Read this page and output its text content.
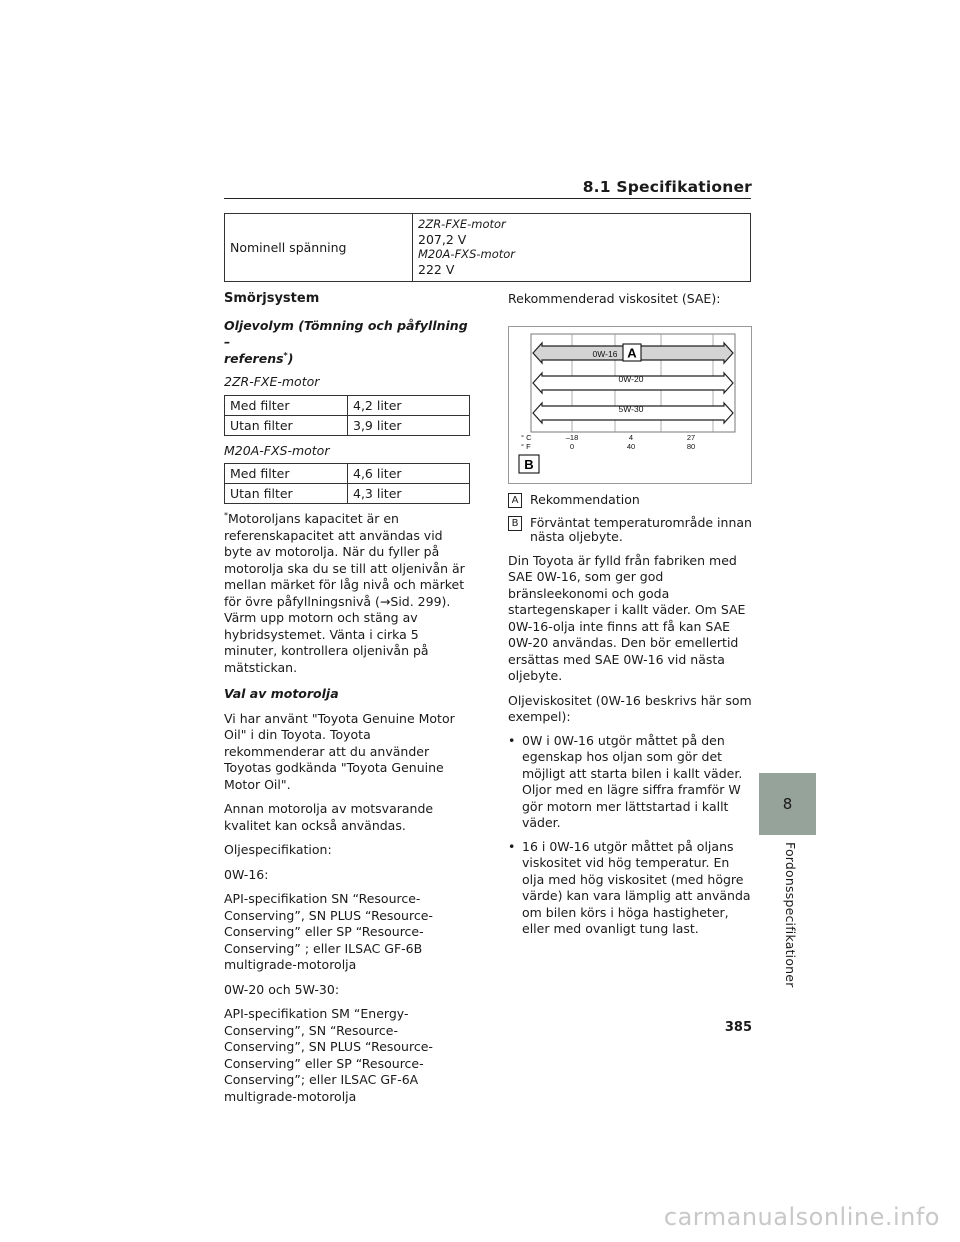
8.1 Specifikationer
Nominell spänning	
2ZR-FXE-motor
207,2 V
M20A-FXS-motor
222 V

Smörjsystem

Oljevolym (Tömning och påfyllning –
referens*)

2ZR-FXE-motor

Med filter	4,2 liter
Utan filter	3,9 liter

M20A-FXS-motor

Med filter	4,6 liter
Utan filter	4,3 liter

*Motoroljans kapacitet är en referenskapacitet att användas vid byte av motorolja. När du fyller på motorolja ska du se till att oljenivån är mellan märket för låg nivå och märket för övre påfyllningsnivå (→Sid. 299). Värm upp motorn och stäng av hybridsystemet. Vänta i cirka 5 minuter, kontrollera oljenivån på mätstickan.

Val av motorolja

Vi har använt "Toyota Genuine Motor Oil" i din Toyota. Toyota rekommenderar att du använder Toyotas godkända "Toyota Genuine Motor Oil".

Annan motorolja av motsvarande kvalitet kan också användas.

Oljespecifikation:

0W-16:

API-specifikation SN “Resource-Conserving”, SN PLUS “Resource-Conserving” eller SP “Resource-Conserving” ; eller ILSAC GF-6B multigrade-motorolja

0W-20 och 5W-30:

API-specifikation SM “Energy-Conserving”, SN “Resource-Conserving”, SN PLUS “Resource-Conserving” eller SP “Resource-Conserving”; eller ILSAC GF-6A multigrade-motorolja

Rekommenderad viskositet (SAE):

0W-16
0W-20
5W-30
A
° C
° F
–18	4	27
0	40	80
B
A Rekommendation
B Förväntat temperaturområde innan nästa oljebyte.

Din Toyota är fylld från fabriken med SAE 0W-16, som ger god bränsleekonomi och goda startegenskaper i kallt väder. Om SAE 0W-16-olja inte finns att få kan SAE 0W-20 användas. Den bör emellertid ersättas med SAE 0W-16 vid nästa oljebyte.

Oljeviskositet (0W-16 beskrivs här som exempel):

• 0W i 0W-16 utgör måttet på den egenskap hos oljan som gör det möjligt att starta bilen i kallt väder. Oljor med en lägre siffra framför W gör motorn mer lättstartad i kallt väder.
• 16 i 0W-16 utgör måttet på oljans viskositet vid hög temperatur. En olja med hög viskositet (med högre värde) kan vara lämplig att använda om bilen körs i höga hastigheter, eller med ovanligt tung last.
8
Fordonsspecifikationer
385
carmanualsonline.info
